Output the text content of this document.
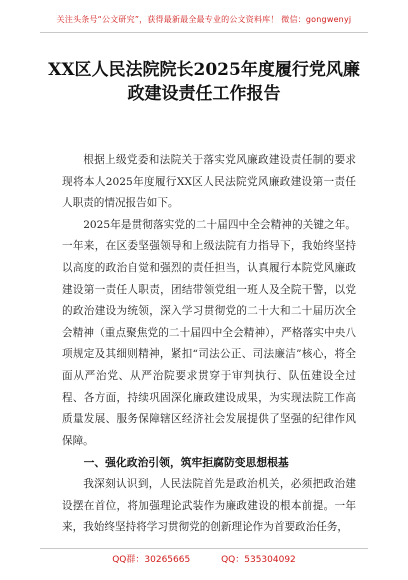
关注头条号“公文研究”，获得最新最全最专业的公文资料库！ 微信：gongwenyj
XX区人民法院院长2025年度履行党风廉
政建设责任工作报告

根据上级党委和法院关于落实党风廉政建设责任制的要求现将本人2025年度履行XX区人民法院党风廉政建设第一责任人职责的情况报告如下。

2025年是贯彻落实党的二十届四中全会精神的关键之年。一年来，在区委坚强领导和上级法院有力指导下，我始终坚持以高度的政治自觉和强烈的责任担当，认真履行本院党风廉政建设第一责任人职责，团结带领党组一班人及全院干警，以党的政治建设为统领，深入学习贯彻党的二十大和二十届历次全会精神（重点聚焦党的二十届四中全会精神），严格落实中央八项规定及其细则精神，紧扣“司法公正、司法廉洁”核心，将全面从严治党、从严治院要求贯穿于审判执行、队伍建设全过程、各方面，持续巩固深化廉政建设成果，为实现法院工作高质量发展、服务保障辖区经济社会发展提供了坚强的纪律作风保障。

一、强化政治引领，筑牢拒腐防变思想根基

我深刻认识到，人民法院首先是政治机关，必须把政治建设摆在首位，将加强理论武装作为廉政建设的根本前提。一年来，我始终坚持将学习贯彻党的创新理论作为首要政治任务，

QQ群：30265665	QQ：535304092
